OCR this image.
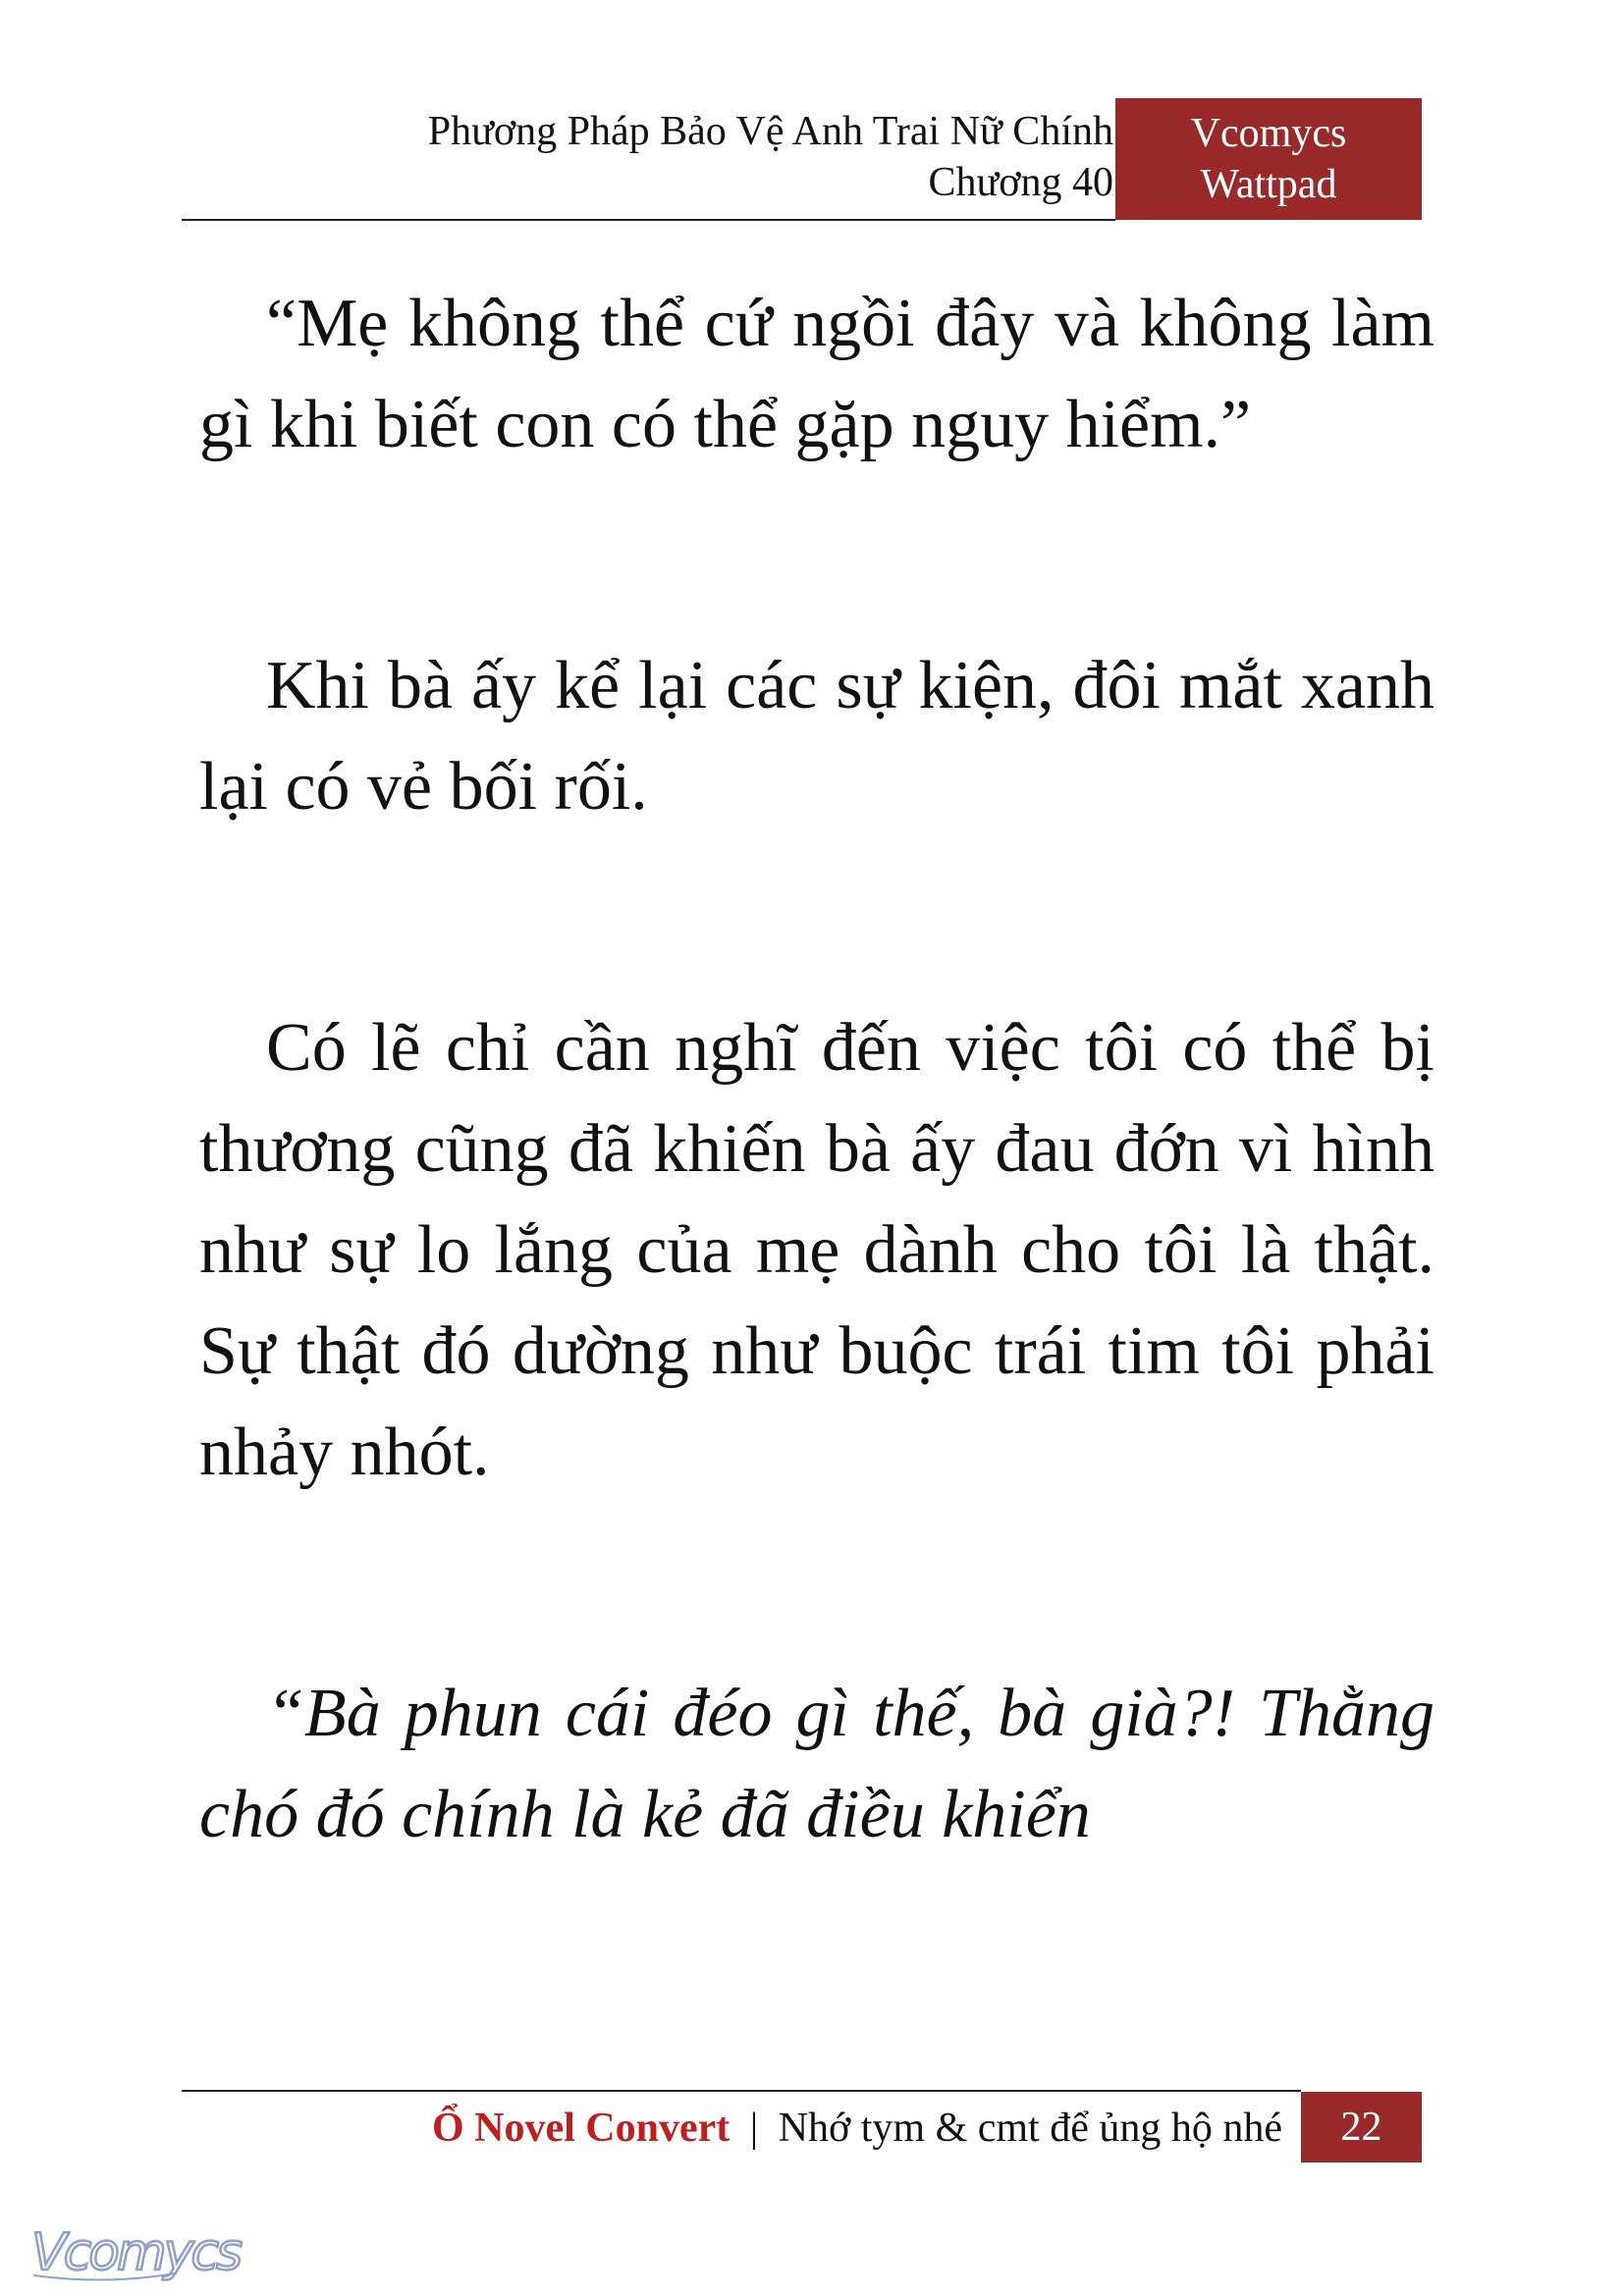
Phương Pháp Bảo Vệ Anh Trai Nữ Chính
Chương 40
Vcomycs
Wattpad

“Mẹ không thể cứ ngồi đây và không làm gì khi biết con có thể gặp nguy hiểm.”

Khi bà ấy kể lại các sự kiện, đôi mắt xanh lại có vẻ bối rối.

Có lẽ chỉ cần nghĩ đến việc tôi có thể bị thương cũng đã khiến bà ấy đau đớn vì hình như sự lo lắng của mẹ dành cho tôi là thật. Sự thật đó dường như buộc trái tim tôi phải nhảy nhót.

“Bà phun cái đéo gì thế, bà già?! Thằng chó đó chính là kẻ đã điều khiển

Ổ Novel Convert | Nhớ tym & cmt để ủng hộ nhé	22
Vcomycs
